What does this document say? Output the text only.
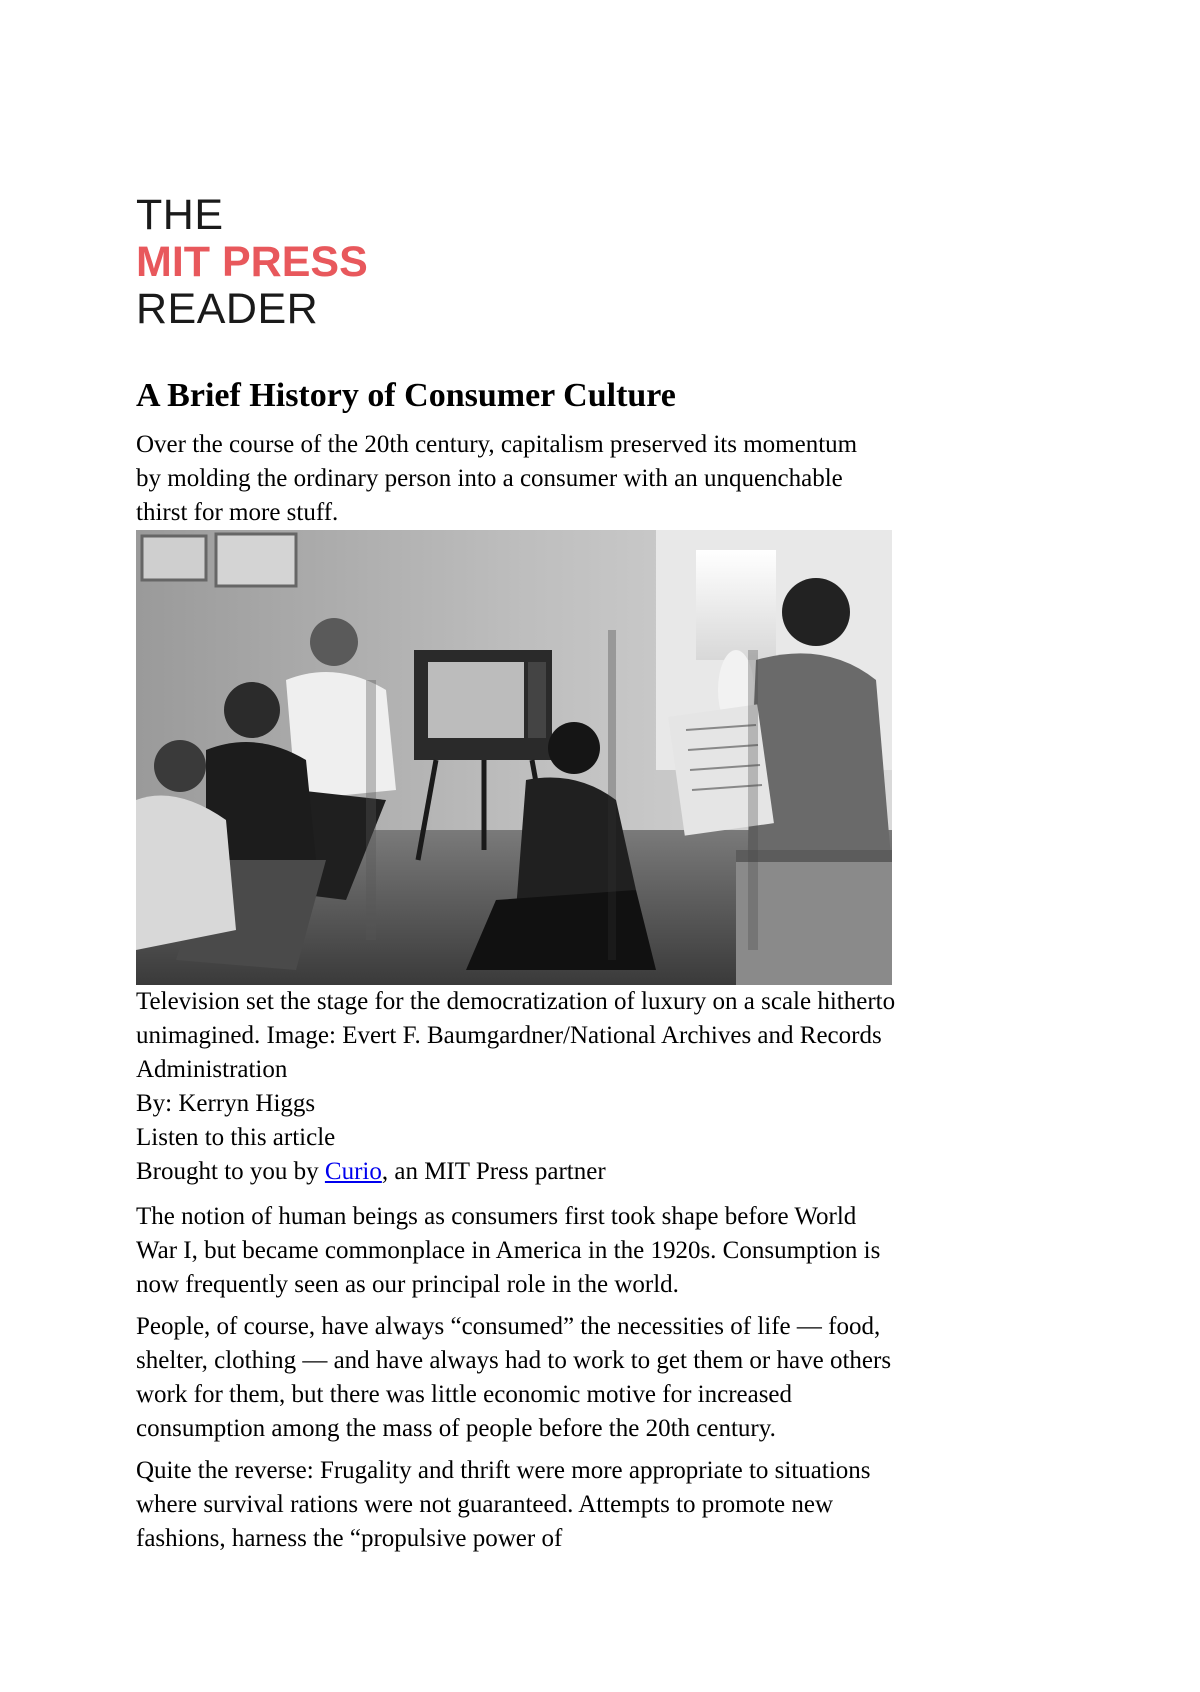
THE
MIT PRESS
READER
A Brief History of Consumer Culture
Over the course of the 20th century, capitalism preserved its momentum by molding the ordinary person into a consumer with an unquenchable thirst for more stuff.
Television set the stage for the democratization of luxury on a scale hitherto unimagined. Image: Evert F. Baumgardner/National Archives and Records Administration
By: Kerryn Higgs
Listen to this article
Brought to you by Curio, an MIT Press partner

The notion of human beings as consumers first took shape before World War I, but became commonplace in America in the 1920s. Consumption is now frequently seen as our principal role in the world.

People, of course, have always “consumed” the necessities of life — food, shelter, clothing — and have always had to work to get them or have others work for them, but there was little economic motive for increased consumption among the mass of people before the 20th century.

Quite the reverse: Frugality and thrift were more appropriate to situations where survival rations were not guaranteed. Attempts to promote new fashions, harness the “propulsive power of
